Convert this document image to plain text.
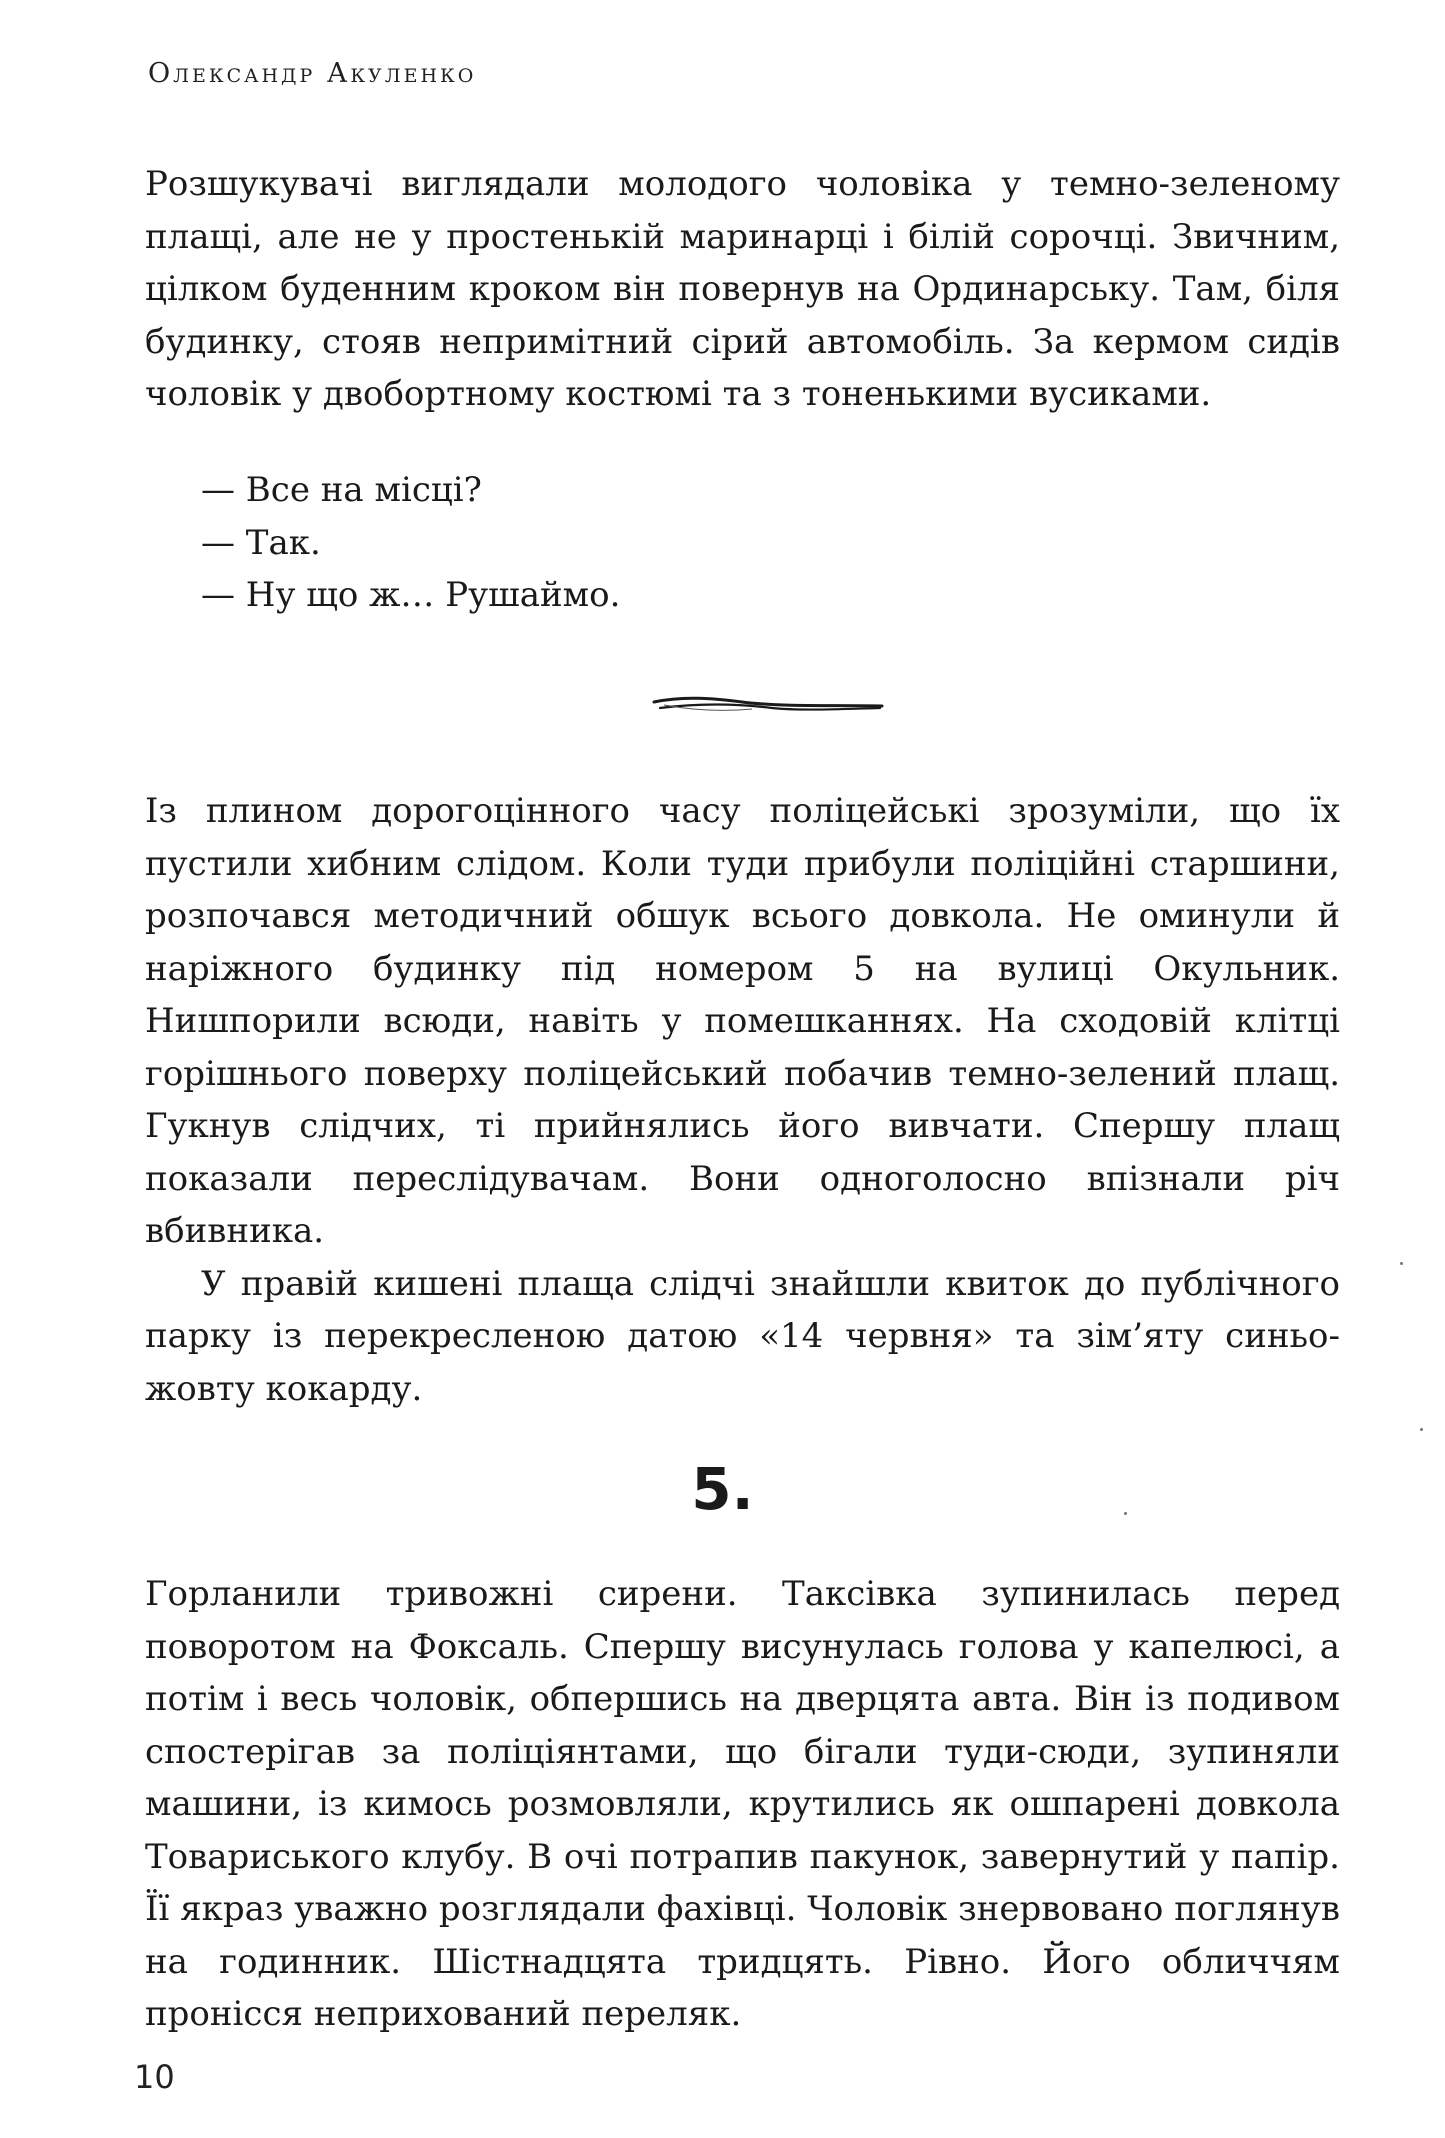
Олександр Акуленко

Розшукувачі виглядали молодого чоловіка у темно-зеленому плащі, але не у простенькій маринарці і білій сорочці. Звичним, цілком буденним кроком він повернув на Ординарську. Там, біля будинку, стояв непримітний сірий автомобіль. За кермом сидів чоловік у двобортному костюмі та з тоненькими вусиками.

— Все на місці?

— Так.

— Ну що ж… Рушаймо.

Із плином дорогоцінного часу поліцейські зрозуміли, що їх пустили хибним слідом. Коли туди прибули поліційні старшини, розпочався методичний обшук всього довкола. Не оминули й наріжного будинку під номером 5 на вулиці Окульник. Нишпорили всюди, навіть у помешканнях. На сходовій клітці горішнього поверху поліцейський побачив темно-зелений плащ. Гукнув слідчих, ті прийнялись його вивчати. Спершу плащ показали переслідувачам. Вони одноголосно впізнали річ вбивника.

У правій кишені плаща слідчі знайшли квиток до публічного парку із перекресленою датою «14 червня» та зім’яту синьо-жовту кокарду.

5.

Горланили тривожні сирени. Таксівка зупинилась перед поворотом на Фоксаль. Спершу висунулась голова у капелюсі, а потім і весь чоловік, обпершись на дверцята авта. Він із подивом спостерігав за поліціянтами, що бігали туди-сюди, зупиняли машини, із кимось розмовляли, крутились як ошпарені довкола Товариського клубу. В очі потрапив пакунок, завернутий у папір. Її якраз уважно розглядали фахівці. Чоловік знервовано поглянув на годинник. Шістнадцята тридцять. Рівно. Його обличчям пронісся неприхований переляк.

10
